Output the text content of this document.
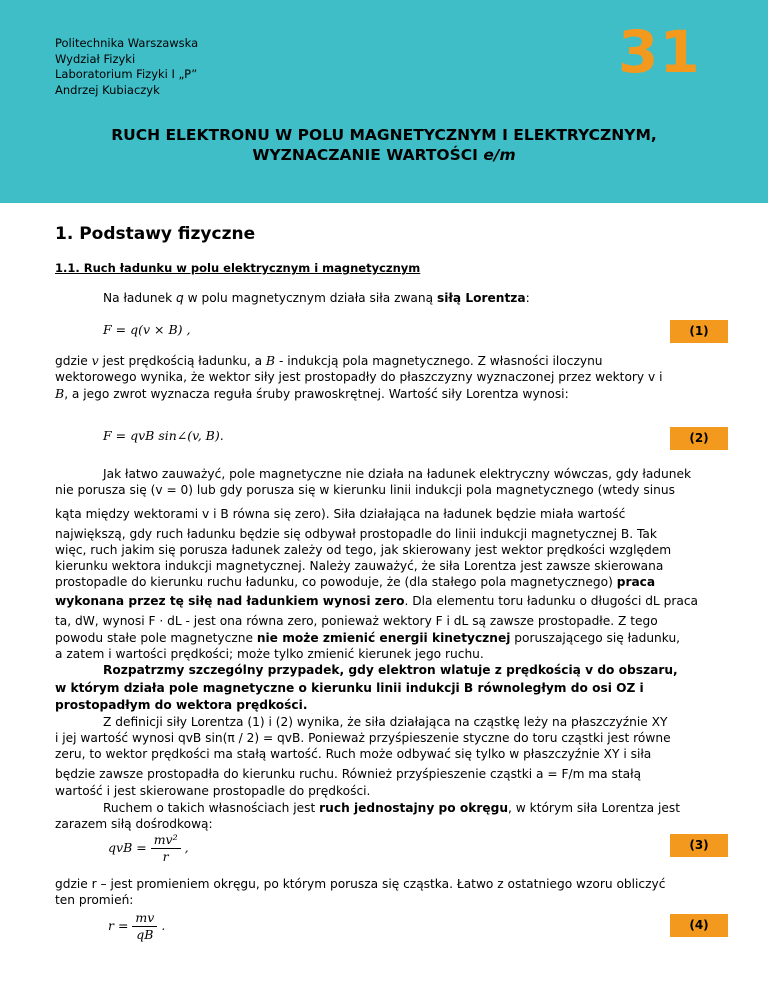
Politechnika Warszawska
Wydział Fizyki
Laboratorium Fizyki I „P”
Andrzej Kubiaczyk
31
RUCH ELEKTRONU W POLU MAGNETYCZNYM I ELEKTRYCZNYM,
WYZNACZANIE WARTOŚCI e/m
1. Podstawy fizyczne
1.1. Ruch ładunku w polu elektrycznym i magnetycznym
Na ładunek q w polu magnetycznym działa siła zwaną siłą Lorentza:
F = q(v × B) ,	(1)
gdzie v jest prędkością ładunku, a B - indukcją pola magnetycznego. Z własności iloczynu
wektorowego wynika, że wektor siły jest prostopadły do płaszczyzny wyznaczonej przez wektory v i
B, a jego zwrot wyznacza reguła śruby prawoskrętnej. Wartość siły Lorentza wynosi:
F = qvB sin∠(v, B).	(2)
Jak łatwo zauważyć, pole magnetyczne nie działa na ładunek elektryczny wówczas, gdy ładunek
nie porusza się (v = 0) lub gdy porusza się w kierunku linii indukcji pola magnetycznego (wtedy sinus
kąta między wektorami v i B równa się zero). Siła działająca na ładunek będzie miała wartość
największą, gdy ruch ładunku będzie się odbywał prostopadle do linii indukcji magnetycznej B. Tak
więc, ruch jakim się porusza ładunek zależy od tego, jak skierowany jest wektor prędkości względem
kierunku wektora indukcji magnetycznej. Należy zauważyć, że siła Lorentza jest zawsze skierowana
prostopadle do kierunku ruchu ładunku, co powoduje, że (dla stałego pola magnetycznego) praca
wykonana przez tę siłę nad ładunkiem wynosi zero. Dla elementu toru ładunku o długości dL praca
ta, dW, wynosi F · dL - jest ona równa zero, ponieważ wektory F i dL są zawsze prostopadłe. Z tego
powodu stałe pole magnetyczne nie może zmienić energii kinetycznej poruszającego się ładunku,
a zatem i wartości prędkości; może tylko zmienić kierunek jego ruchu.
Rozpatrzmy szczególny przypadek, gdy elektron wlatuje z prędkością v do obszaru,
w którym działa pole magnetyczne o kierunku linii indukcji B równoległym do osi OZ i
prostopadłym do wektora prędkości.
Z definicji siły Lorentza (1) i (2) wynika, że siła działająca na cząstkę leży na płaszczyźnie XY
i jej wartość wynosi qvB sin(π / 2) = qvB. Ponieważ przyśpieszenie styczne do toru cząstki jest równe
zeru, to wektor prędkości ma stałą wartość. Ruch może odbywać się tylko w płaszczyźnie XY i siła
będzie zawsze prostopadła do kierunku ruchu. Również przyśpieszenie cząstki a = F/m ma stałą
wartość i jest skierowane prostopadle do prędkości.
Ruchem o takich własnościach jest ruch jednostajny po okręgu, w którym siła Lorentza jest
zarazem siłą dośrodkową:
qvB = $\frac{\text{mv²}}{r}$ ,	(3)
gdzie r – jest promieniem okręgu, po którym porusza się cząstka. Łatwo z ostatniego wzoru obliczyć
ten promień:
$r = \frac{mv}{qB}$ .	(4)
